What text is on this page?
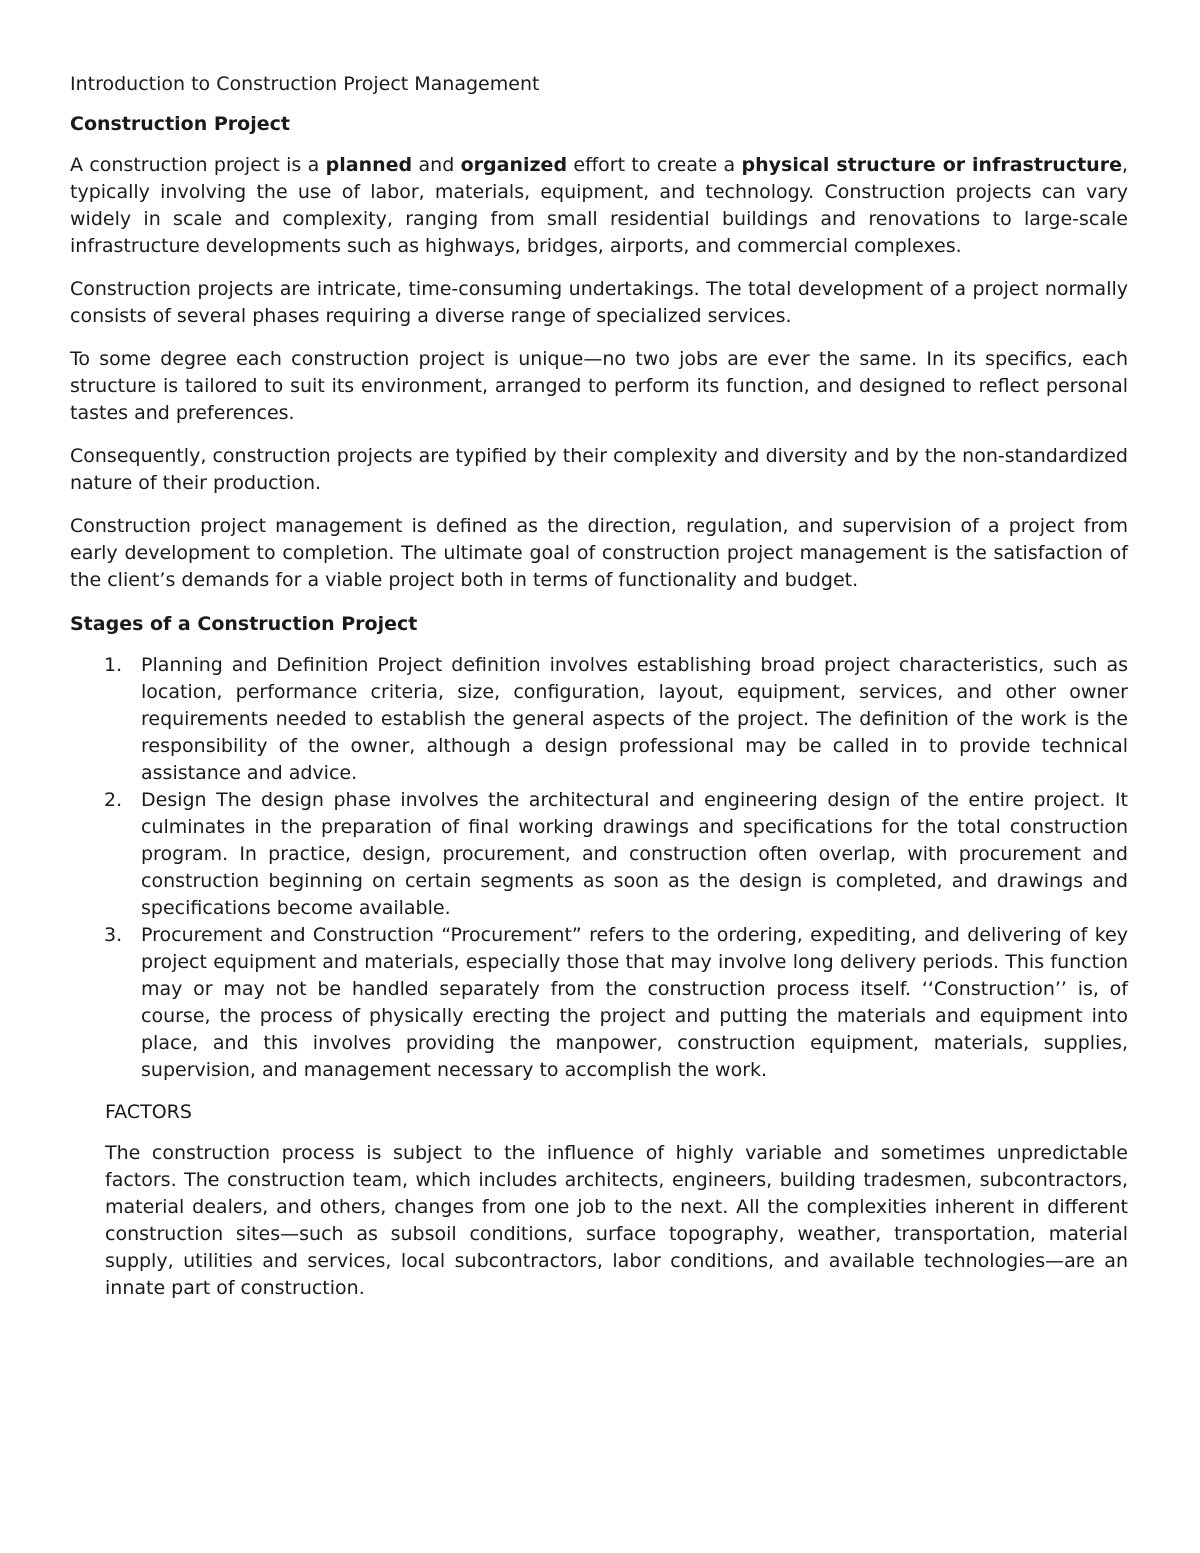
Introduction to Construction Project Management

Construction Project

A construction project is a planned and organized effort to create a physical structure or infrastructure, typically involving the use of labor, materials, equipment, and technology. Construction projects can vary widely in scale and complexity, ranging from small residential buildings and renovations to large-scale infrastructure developments such as highways, bridges, airports, and commercial complexes.

Construction projects are intricate, time-consuming undertakings. The total development of a project normally consists of several phases requiring a diverse range of specialized services.

To some degree each construction project is unique—no two jobs are ever the same. In its specifics, each structure is tailored to suit its environment, arranged to perform its function, and designed to reflect personal tastes and preferences.

Consequently, construction projects are typified by their complexity and diversity and by the non-standardized nature of their production.

Construction project management is defined as the direction, regulation, and supervision of a project from early development to completion. The ultimate goal of construction project management is the satisfaction of the client’s demands for a viable project both in terms of functionality and budget.

Stages of a Construction Project
1. Planning and Definition Project definition involves establishing broad project characteristics, such as location, performance criteria, size, configuration, layout, equipment, services, and other owner requirements needed to establish the general aspects of the project. The definition of the work is the responsibility of the owner, although a design professional may be called in to provide technical assistance and advice.
2. Design The design phase involves the architectural and engineering design of the entire project. It culminates in the preparation of final working drawings and specifications for the total construction program. In practice, design, procurement, and construction often overlap, with procurement and construction beginning on certain segments as soon as the design is completed, and drawings and specifications become available.
3. Procurement and Construction “Procurement” refers to the ordering, expediting, and delivering of key project equipment and materials, especially those that may involve long delivery periods. This function may or may not be handled separately from the construction process itself. ‘‘Construction’’ is, of course, the process of physically erecting the project and putting the materials and equipment into place, and this involves providing the manpower, construction equipment, materials, supplies, supervision, and management necessary to accomplish the work.

FACTORS

The construction process is subject to the influence of highly variable and sometimes unpredictable factors. The construction team, which includes architects, engineers, building tradesmen, subcontractors, material dealers, and others, changes from one job to the next. All the complexities inherent in different construction sites—such as subsoil conditions, surface topography, weather, transportation, material supply, utilities and services, local subcontractors, labor conditions, and available technologies—are an innate part of construction.
